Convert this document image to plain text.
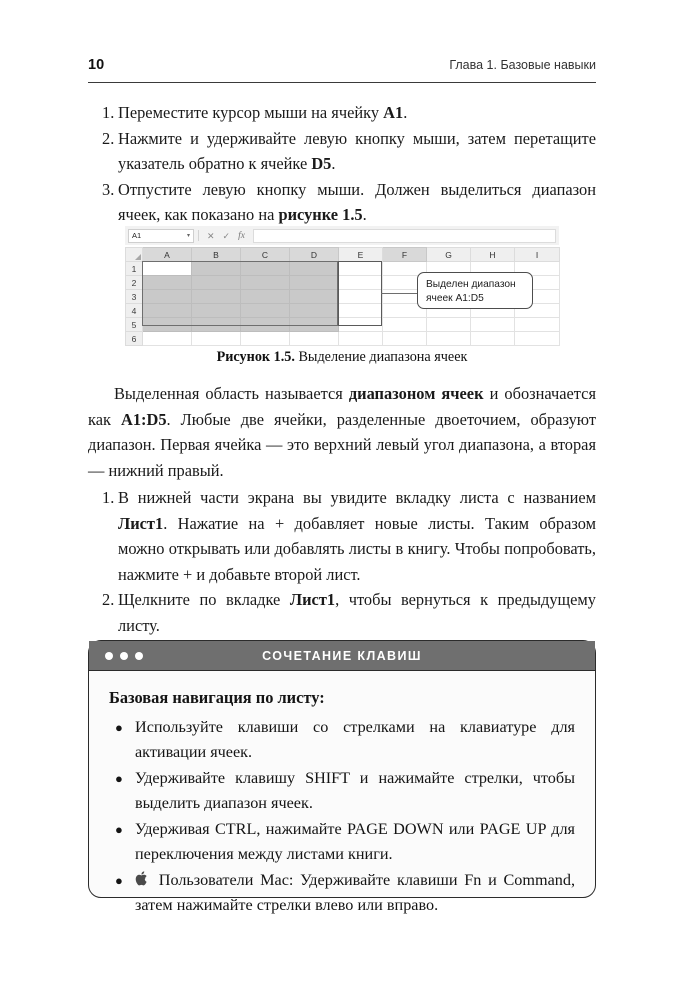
10	Глава 1. Базовые навыки
1. Переместите курсор мыши на ячейку A1.
2. Нажмите и удерживайте левую кнопку мыши, затем перетащите указатель обратно к ячейке D5.
3. Отпустите левую кнопку мыши. Должен выделиться диапазон ячеек, как показано на рисунке 1.5.
A1	▾ ✕ ✓ fx
	A	B	C	D	E	F	G	H	I
1									
2									
3									
4									
5									
6									
Выделен диапазон ячеек A1:D5
Рисунок 1.5. Выделение диапазона ячеек

Выделенная область называется диапазоном ячеек и обозначается как A1:D5. Любые две ячейки, разделенные двоеточием, образуют диапазон. Первая ячейка — это верхний левый угол диапазона, а вторая — нижний правый.

1. В нижней части экрана вы увидите вкладку листа с названием Лист1. Нажатие на + добавляет новые листы. Таким образом можно открывать или добавлять листы в книгу. Чтобы попробовать, нажмите + и добавьте второй лист.
2. Щелкните по вкладке Лист1, чтобы вернуться к предыдущему листу.
СОЧЕТАНИЕ КЛАВИШ

Базовая навигация по листу:

● Используйте клавиши со стрелками на клавиатуре для активации ячеек.
● Удерживайте клавишу SHIFT и нажимайте стрелки, чтобы выделить диапазон ячеек.
● Удерживая CTRL, нажимайте PAGE DOWN или PAGE UP для переключения между листами книги.
● Пользователи Mac: Удерживайте клавиши Fn и Command, затем нажимайте стрелки влево или вправо.
